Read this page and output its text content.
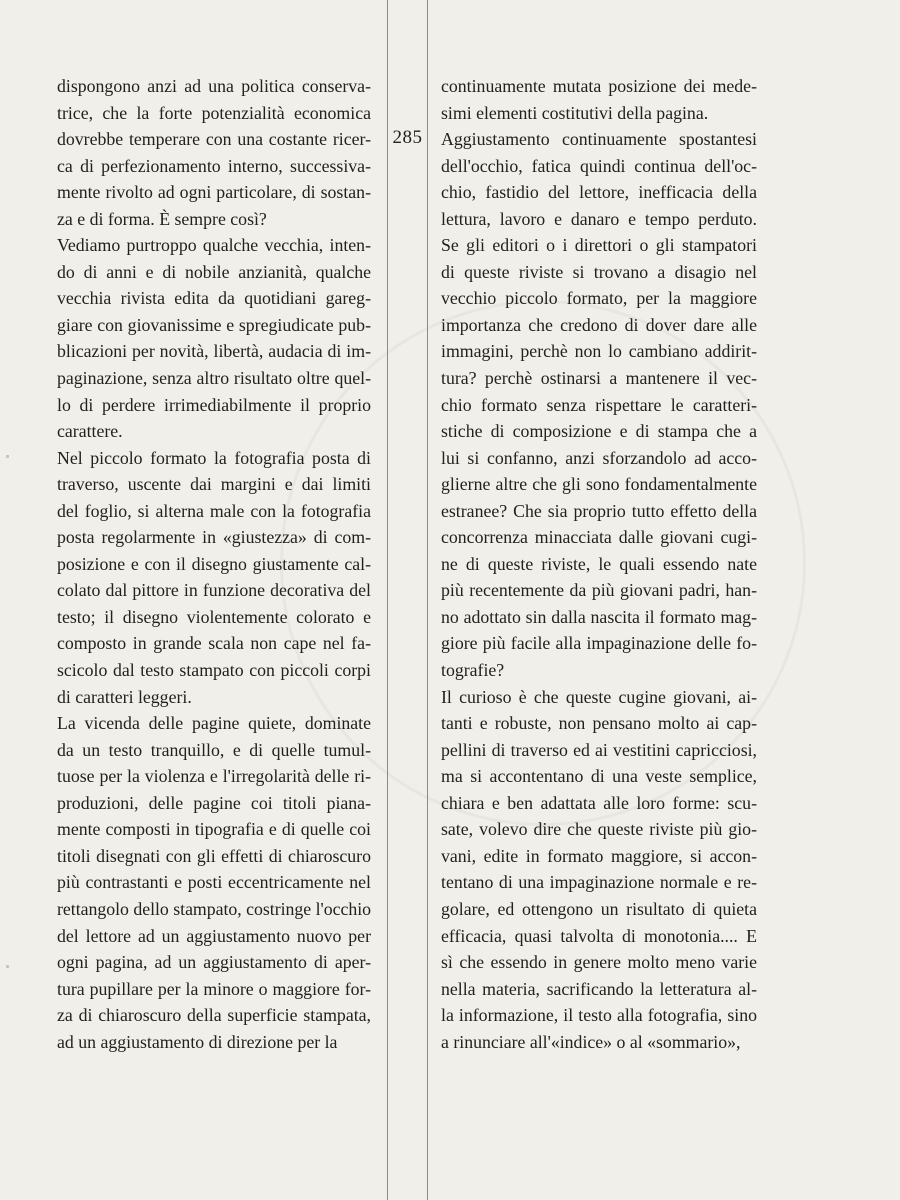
285

dispongono anzi ad una politica conserva-
trice, che la forte potenzialità economica
dovrebbe temperare con una costante ricer-
ca di perfezionamento interno, successiva-
mente rivolto ad ogni particolare, di sostan-
za e di forma. È sempre così?

Vediamo purtroppo qualche vecchia, inten-
do di anni e di nobile anzianità, qualche
vecchia rivista edita da quotidiani gareg-
giare con giovanissime e spregiudicate pub-
blicazioni per novità, libertà, audacia di im-
paginazione, senza altro risultato oltre quel-
lo di perdere irrimediabilmente il proprio
carattere.

Nel piccolo formato la fotografia posta di
traverso, uscente dai margini e dai limiti
del foglio, si alterna male con la fotografia
posta regolarmente in «giustezza» di com-
posizione e con il disegno giustamente cal-
colato dal pittore in funzione decorativa del
testo; il disegno violentemente colorato e
composto in grande scala non cape nel fa-
scicolo dal testo stampato con piccoli corpi
di caratteri leggeri.

La vicenda delle pagine quiete, dominate
da un testo tranquillo, e di quelle tumul-
tuose per la violenza e l'irregolarità delle ri-
produzioni, delle pagine coi titoli piana-
mente composti in tipografia e di quelle coi
titoli disegnati con gli effetti di chiaroscuro
più contrastanti e posti eccentricamente nel
rettangolo dello stampato, costringe l'occhio
del lettore ad un aggiustamento nuovo per
ogni pagina, ad un aggiustamento di aper-
tura pupillare per la minore o maggiore for-
za di chiaroscuro della superficie stampata,
ad un aggiustamento di direzione per la

continuamente mutata posizione dei mede-
simi elementi costitutivi della pagina.

Aggiustamento continuamente spostantesi
dell'occhio, fatica quindi continua dell'oc-
chio, fastidio del lettore, inefficacia della
lettura, lavoro e danaro e tempo perduto.
Se gli editori o i direttori o gli stampatori
di queste riviste si trovano a disagio nel
vecchio piccolo formato, per la maggiore
importanza che credono di dover dare alle
immagini, perchè non lo cambiano addirit-
tura? perchè ostinarsi a mantenere il vec-
chio formato senza rispettare le caratteri-
stiche di composizione e di stampa che a
lui si confanno, anzi sforzandolo ad acco-
glierne altre che gli sono fondamentalmente
estranee? Che sia proprio tutto effetto della
concorrenza minacciata dalle giovani cugi-
ne di queste riviste, le quali essendo nate
più recentemente da più giovani padri, han-
no adottato sin dalla nascita il formato mag-
giore più facile alla impaginazione delle fo-
tografie?

Il curioso è che queste cugine giovani, ai-
tanti e robuste, non pensano molto ai cap-
pellini di traverso ed ai vestitini capricciosi,
ma si accontentano di una veste semplice,
chiara e ben adattata alle loro forme: scu-
sate, volevo dire che queste riviste più gio-
vani, edite in formato maggiore, si accon-
tentano di una impaginazione normale e re-
golare, ed ottengono un risultato di quieta
efficacia, quasi talvolta di monotonia.... E
sì che essendo in genere molto meno varie
nella materia, sacrificando la letteratura al-
la informazione, il testo alla fotografia, sino
a rinunciare all'«indice» o al «sommario»,
